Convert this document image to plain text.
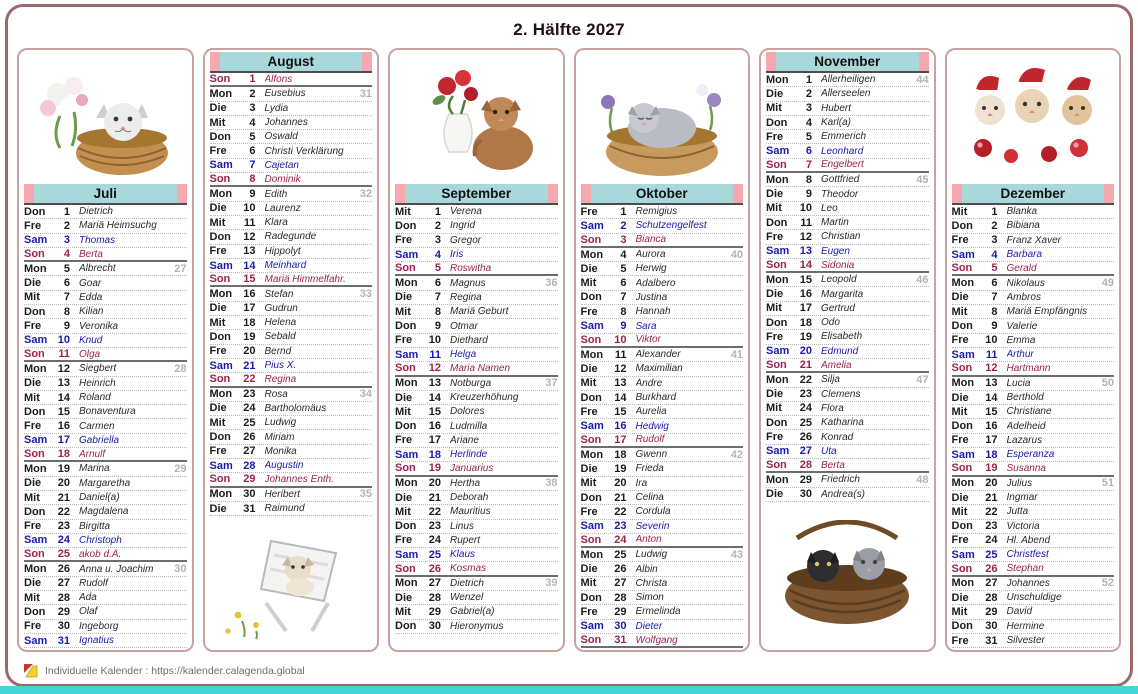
2. Hälfte 2027
Juli
Don	1 Dietrich
Fre	2 Mariä Heimsuchg
Sam	3 Thomas
Son	4 Berta
Mon	5 Albrecht	27
Die	6 Goar
Mit	7 Edda
Don	8 Kilian
Fre	9 Veronika
Sam 10 Knud
Son	11 Olga
Mon	12 Siegbert	28
Die	13 Heinrich
Mit	14 Roland
Don	15 Bonaventura
Fre	16 Carmen
Sam 17 Gabriella
Son	18 Arnulf
Mon	19 Marina	29
Die	20 Margaretha
Mit	21 Daniel(a)
Don	22 Magdalena
Fre	23 Birgitta
Sam 24 Christoph
Son	25 akob d.Ä.
Mon	26 Anna u. Joachim	30
Die	27 Rudolf
Mit	28 Ada
Don	29 Olaf
Fre	30 Ingeborg
Sam 31 Ignatius
August
Son	1 Alfons
Mon	2 Eusebius	31
Die	3 Lydia
Mit	4 Johannes
Don	5 Oswald
Fre	6 Christi Verklärung
Sam	7 Cajetan
Son	8 Dominik
Mon	9 Edith	32
Die	10 Laurenz
Mit	11 Klara
Don	12 Radegunde
Fre	13 Hippolyt
Sam 14 Meinhard
Son	15 Mariä Himmelfahr.
Mon	16 Stefan	33
Die	17 Gudrun
Mit	18 Helena
Don	19 Sebald
Fre	20 Bernd
Sam 21 Pius X.
Son	22 Regina
Mon	23 Rosa	34
Die	24 Bartholomäus
Mit	25 Ludwig
Don	26 Miriam
Fre	27 Monika
Sam 28 Augustin
Son	29 Johannes Enth.
Mon	30 Heribert	35
Die	31 Raimund
September
Mit	1 Verena
Don	2 Ingrid
Fre	3 Gregor
Sam	4 Iris
Son	5 Roswitha
Mon	6 Magnus	36
Die	7 Regina
Mit	8 Mariä Geburt
Don	9 Otmar
Fre	10 Diethard
Sam	11 Helga
Son	12 Maria Namen
Mon	13 Notburga	37
Die	14 Kreuzerhöhung
Mit	15 Dolores
Don	16 Ludmilla
Fre	17 Ariane
Sam 18 Herlinde
Son	19 Januarius
Mon	20 Hertha	38
Die	21 Deborah
Mit	22 Mauritius
Don	23 Linus
Fre	24 Rupert
Sam 25 Klaus
Son	26 Kosmas
Mon	27 Dietrich	39
Die	28 Wenzel
Mit	29 Gabriel(a)
Don	30 Hieronymus
Oktober
Fre	1 Remigius
Sam	2 Schutzengelfest
Son	3 Bianca
Mon	4 Aurora	40
Die	5 Herwig
Mit	6 Adalbero
Don	7 Justina
Fre	8 Hannah
Sam	9 Sara
Son	10 Viktor
Mon	11 Alexander	41
Die	12 Maximilian
Mit	13 Andre
Don	14 Burkhard
Fre	15 Aurelia
Sam 16 Hedwig
Son	17 Rudolf
Mon	18 Gwenn	42
Die	19 Frieda
Mit	20 Ira
Don	21 Celina
Fre	22 Cordula
Sam 23 Severin
Son	24 Anton
Mon	25 Ludwig	43
Die	26 Albin
Mit	27 Christa
Don	28 Simon
Fre	29 Ermelinda
Sam 30 Dieter
Son	31 Wolfgang
November
Mon	1 Allerheiligen	44
Die	2 Allerseelen
Mit	3 Hubert
Don	4 Karl(a)
Fre	5 Emmerich
Sam	6 Leonhard
Son	7 Engelbert
Mon	8 Gottfried	45
Die	9 Theodor
Mit	10 Leo
Don	11 Martin
Fre	12 Christian
Sam 13 Eugen
Son	14 Sidonia
Mon	15 Leopold	46
Die	16 Margarita
Mit	17 Gertrud
Don	18 Odo
Fre	19 Elisabeth
Sam 20 Edmund
Son	21 Amelia
Mon	22 Silja	47
Die	23 Clemens
Mit	24 Flora
Don	25 Katharina
Fre	26 Konrad
Sam 27 Uta
Son	28 Berta
Mon	29 Friedrich	48
Die	30 Andrea(s)
Dezember
Mit	1 Blanka
Don	2 Bibiana
Fre	3 Franz Xaver
Sam	4 Barbara
Son	5 Gerald
Mon	6 Nikolaus	49
Die	7 Ambros
Mit	8 Mariä Empfängnis
Don	9 Valerie
Fre	10 Emma
Sam	11 Arthur
Son	12 Hartmann
Mon	13 Lucia	50
Die	14 Berthold
Mit	15 Christiane
Don	16 Adelheid
Fre	17 Lazarus
Sam 18 Esperanza
Son	19 Susanna
Mon	20 Julius	51
Die	21 Ingmar
Mit	22 Jutta
Don	23 Victoria
Fre	24 Hl. Abend
Sam 25 Christfest
Son	26 Stephan
Mon	27 Johannes	52
Die	28 Unschuldige
Mit	29 David
Don	30 Hermine
Fre	31 Silvester
Individuelle Kalender : https://kalender.calagenda.global
